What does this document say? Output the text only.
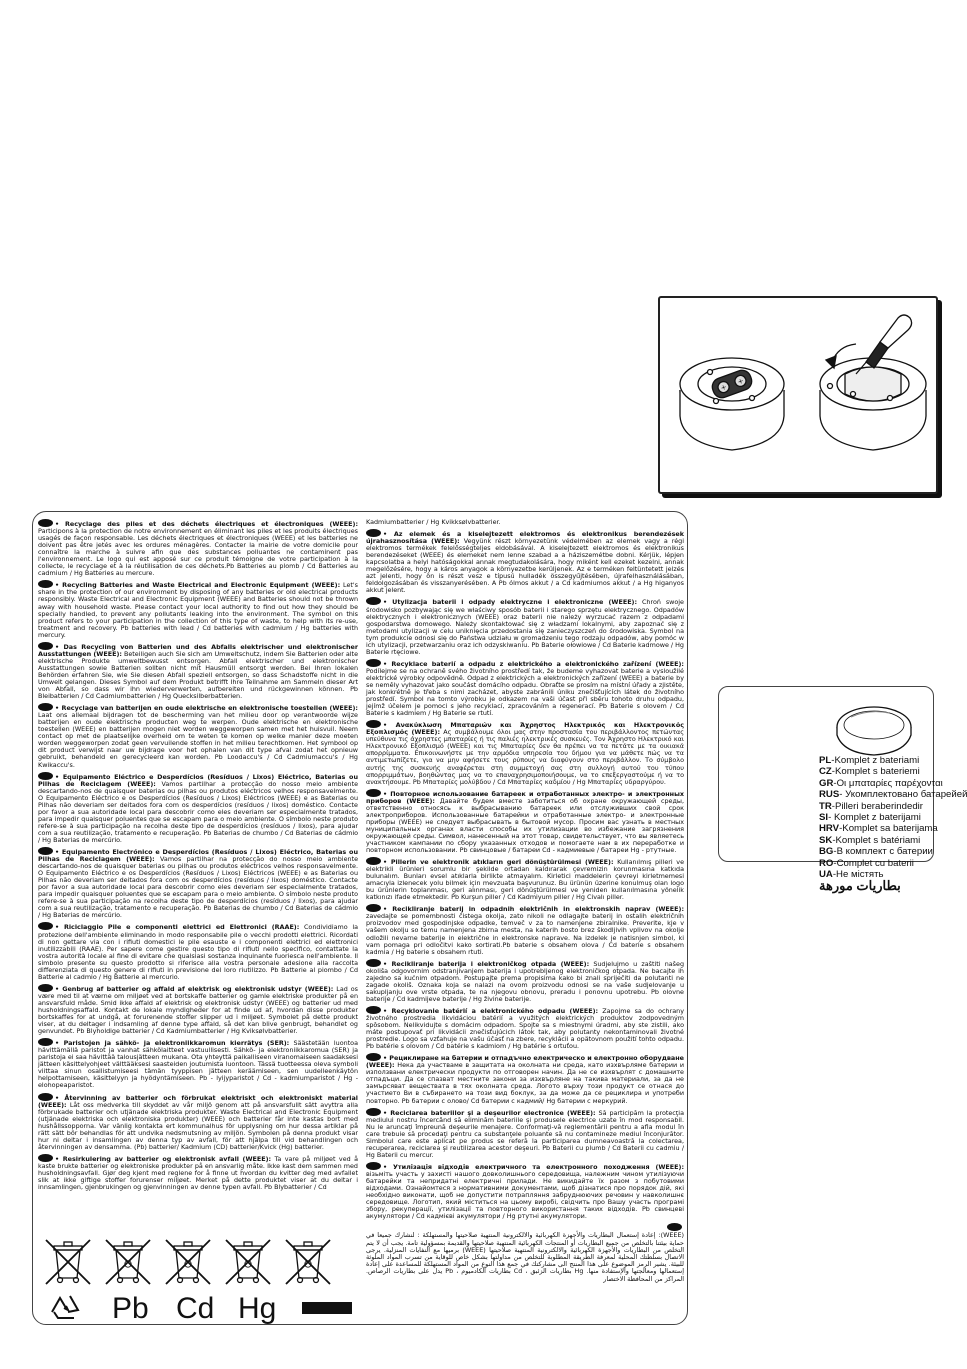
+
+

• Recyclage des piles et des déchets électriques et électroniques (WEEE): Participons à la protection de notre environnement en éliminant les piles et les produits électriques usagés de façon responsable. Les déchets électriques et électroniques (WEEE) et les batteries ne doivent pas être jetés avec les ordures ménagères. Contacter la mairie de votre domicile pour connaître la marche à suivre afin que des substances polluantes ne contaminent pas l'environnement. Le logo qui est apposé sur ce produit témoigne de votre participation à la collecte, le recyclage et à la réutilisation de ces déchets.Pb Batteries au plomb / Cd Batteries au cadmium / Hg Batteries au mercure.

• Recycling Batteries and Waste Electrical and Electronic Equipment (WEEE): Let's share in the protection of our environment by disposing of any batteries or old electrical products responsibly. Waste Electrical and Electronic Equipment (WEEE) and Batteries should not be thrown away with household waste. Please contact your local authority to find out how they should be specially handled, to prevent any pollutants leaking into the environment. The symbol on this product refers to your participation in the collection of this type of waste, to help with its re-use, treatment and recovery. Pb batteries with lead / Cd batteries with cadmium / Hg batteries with mercury.

• Das Recycling von Batterien und des Abfalls elektrischer und elektronischer Ausstattungen (WEEE): Beteiligen auch Sie sich am Umweltschutz, indem Sie Batterien oder alte elektrische Produkte umweltbewusst entsorgen. Abfall elektrischer und elektronischer Ausstattungen sowie Batterien sollten nicht mit Hausmüll entsorgt werden. Bei Ihren lokalen Behörden erfahren Sie, wie Sie diesen Abfall speziell entsorgen, so dass Schadstoffe nicht in die Umwelt gelangen. Dieses Symbol auf dem Produkt betrifft Ihre Teilnahme am Sammeln dieser Art von Abfall, so dass wir ihn wiederverwerten, aufbereiten und rückgewinnen können. Pb Bleibatterien / Cd Cadmiumbatterien / Hg Quecksilberbatterien.

• Recyclage van batterijen en oude elektrische en elektronische toestellen (WEEE): Laat ons allemaal bijdragen tot de bescherming van het milieu door op verantwoorde wijze batterijen en oude elektrische producten weg te werpen. Oude elektrische en elektronische toestellen (WEEE) en batterijen mogen niet worden weggeworpen samen met het huisvuil. Neem contact op met de plaatselijke overheid om te weten te komen op welke manier deze moeten worden weggeworpen zodat geen vervuilende stoffen in het milieu terechtkomen. Het symbool op dit product verwijst naar uw bijdrage voor het ophalen van dit type afval zodat het opnieuw gebruikt, behandeld en gerecycleerd kan worden. Pb Loodaccu's / Cd Cadmiumaccu's / Hg Kwikaccu's.

• Equipamento Eléctrico e Desperdícios (Resíduos / Lixos) Eléctrico, Baterias ou Pilhas de Reciclagem (WEEE): Vamos partilhar a protecção do nosso meio ambiente descartando-nos de quaisquer baterias ou pilhas ou produtos eléctricos velhos responsavelmente. O Equipamento Eléctrico e os Desperdícios (Resíduos / Lixos) Eléctricos (WEEE) e as Baterias ou Pilhas não deveriam ser deitados fora com os desperdícios (resíduos / lixos) doméstico. Contacte por favor a sua autoridade local para descobrir como eles deveriam ser especialmente tratados, para impedir quaisquer poluentes que se escapam para o meio ambiente. O símbolo neste produto refere-se à sua participação na recolha deste tipo de desperdícios (resíduos / lixos), para ajudar com a sua reutilização, tratamento e recuperação. Pb Baterias de chumbo / Cd Baterias de cádmio / Hg Baterias de mercúrio.

• Equipamento Electrónico e Desperdícios (Resíduos / Lixos) Eléctrico, Baterias ou Pilhas de Reciclagem (WEEE): Vamos partilhar na protecção do nosso meio ambiente descartando-nos de quaisquer baterias ou pilhas ou produtos eléctricos velhos responsavelmente. O Equipamento Eléctrico e os Desperdícios (Resíduos / Lixos) Eléctricos (WEEE) e as Baterias ou Pilhas não deveriam ser deitados fora com os desperdícios (resíduos / lixos) doméstico. Contacte por favor a sua autoridade local para descobrir como eles deveriam ser especialmente tratados, para impedir quaisquer poluentes que se escapam para o meio ambiente. O símbolo neste produto refere-se à sua participação na recolha deste tipo de desperdícios (resíduos / lixos), para ajudar com a sua reutilização, tratamento e recuperação. Pb Baterias de chumbo / Cd Baterias de cádmio / Hg Baterias de mercúrio.

• Riciclaggio Pile e componenti elettrici ed Elettronici (RAAE): Condividiamo la protezione dell'ambiente eliminando in modo responsabile pile o vecchi prodotti elettrici. Ricordati di non gettare via con i rifiuti domestici le pile esauste e i componenti elettrici ed elettronici inutilizzabili (RAAE). Per sapere come gestire questo tipo di rifiuti nello specifico, contattate la vostra autorità locale al fine di evitare che qualsiasi sostanza inquinante fuoriesca nell'ambiente. Il simbolo presente su questo prodotto si riferisce alla vostra personale adesione alla raccolta differenziata di questo genere di rifiuti in previsione del loro riutilizzo. Pb Batterie al piombo / Cd Batterie al cadmio / Hg Batterie al mercurio.

• Genbrug af batterier og affald af elektrisk og elektronisk udstyr (WEEE): Lad os være med til at værne om miljøet ved at bortskaffe batterier og gamle elektriske produkter på en ansvarsfuld måde. Smid ikke affald af elektrisk og elektronisk udstyr (WEEE) og batterier ud med husholdningsaffald. Kontakt de lokale myndigheder for at finde ud af, hvordan disse produkter bortskaffes for at undgå, at forurenende stoffer slipper ud i miljøet. Symbolet på dette produkt viser, at du deltager i indsamling af denne type affald, så det kan blive genbrugt, behandlet og genvundet. Pb Blyholdige batterier / Cd Kadmiumbatterier / Hg Kviksølvbatterier.

• Paristojen ja sähkö- ja elektroniikkaromun kierrätys (SER): Säästetään luontoa hävittämällä paristot ja vanhat sähkölaitteet vastuullisesti. Sähkö- ja elektroniikkaromua (SER) ja paristoja ei saa hävittää talousjätteen mukana. Ota yhteyttä paikalliseen viranomaiseen saadaksesi jätteen käsittelyohjeet välttääksesi saasteiden joutumista luontoon. Tässä tuotteessa oleva symboli viittaa sinun osallistumiseesi tämän tyyppisen jätteen keräämiseen, sen uudelleenkäytön helpottamiseen, käsittelyyn ja hyödyntämiseen. Pb - lyijyparistot / Cd - kadmiumparistot / Hg - elohopeaparistot.

• Återvinning av batterier och förbrukat elektriskt och elektroniskt material (WEEE): Låt oss medverka till skyddet av vår miljö genom att på ansvarsfullt sätt avyttra alla förbrukade batterier och utjänade elektriska produkter. Waste Electrical and Electronic Equipment (utjänade elektriska och elektroniska produkter) (WEEE) och batterier får inte kastas bort med hushållssopporna. Var vänlig kontakta ert kommunalhus för upplysning om hur dessa artiklar på rätt sätt bör behandlas för att undvika nedsmutsning av miljön. Symbolen på denna produkt visar hur ni deltar i insamlingen av denna typ av avfall, för att hjälpa till vid behandlingen och återvinningen av densamma. (Pb) batterier/ Kadmium (CD) batterier/Kvick (Hg) batterier.

• Resirkulering av batterier og elektronisk avfall (WEEE): Ta vare på miljøet ved å kaste brukte batterier og elektroniske produkter på en ansvarlig måte. Ikke kast dem sammen med husholdningsavfall. Gjør deg kjent med reglene for å finne ut hvordan du kvitter deg med avfallet slik at ikke giftige stoffer forurenser miljøet. Merket på dette produktet viser at du deltar i innsamlingen, gjenbrukingen og gjenvinningen av denne typen avfall. Pb Blybatterier / Cd

Kadmiumbatterier / Hg Kvikksølvbatterier.

• Az elemek és a kiselejtezett elektromos és elektronikus berendezések újrahasznosítása (WEEE): Vegyünk részt környezetünk védelmében az elemek vagy a régi elektromos termékek felelősségteljes eldobásával. A kiselejtezett elektromos és elektronikus berendezéseket (WEEE) és elemeket nem lenne szabad a a háziszemétbe dobni. Kérjük, lépjen kapcsolatba a helyi hatóságokkal annak megtudakolására, hogy miként kell ezeket kezelni, annak megelőzésére, hogy a káros anyagok a környezetbe kerüljenek. Az e terméken feltüntetett jelzés azt jelenti, hogy ön is részt vesz e típusú hulladék összegyűjtésében, újrafelhasználásában, feldolgozásában és visszanyerésében. A Pb ólmos akkut / a Cd kadmiumos akkut / a Hg higanyos akkut jelent.

• Utylizacja baterii i odpady elektryczne i elektroniczne (WEEE): Chroń swoje środowisko pozbywając się we właściwy sposób baterii i starego sprzętu elektrycznego. Odpadów elektrycznych i elektronicznych (WEEE) oraz baterii nie należy wyrzucać razem z odpadami gospodarstwa domowego. Należy skontaktować się z władzami lokalnymi, aby zapoznać się z metodami utylizacji w celu uniknięcia przedostania się zanieczyszczeń do środowiska. Symbol na tym produkcie odnosi się do Państwa udziału w gromadzeniu tego rodzaju odpadów, aby pomóc w ich utylizacji, przetwarzaniu oraz ich odzyskiwaniu. Pb Baterie ołowiowe / Cd Baterie kadmowe / Hg Baterie rtęciowe.

• Recyklace baterií a odpadu z elektrického a elektronického zařízení (WEEE): Podílejme se na ochraně svého životního prostředí tak, že budeme vyhazovat baterie a vysloužilé elektrické výrobky odpovědně. Odpad z elektrických a elektronických zařízení (WEEE) a baterie by se neměly vyhazovat jako součást domácího odpadu. Obraťte se prosím na místní úřady a zjistěte, jak konkrétně je třeba s nimi zacházet, abyste zabránili úniku znečišťujících látek do životního prostředí. Symbol na tomto výrobku je odkazem na vaši účast při sběru tohoto druhu odpadu, jejímž účelem je pomoci s jeho recyklací, zpracováním a regenerací. Pb Baterie s olovem / Cd Baterie s kadmiem / Hg Baterie se rtutí.

• Ανακύκλωση Μπαταριών και Άχρηστος Ηλεκτρικός και Ηλεκτρονικός Εξοπλισμός (WEEE): Ας συμβάλουμε όλοι μας στην προστασία του περιβάλλοντος πετώντας υπεύθυνα τις άχρηστες μπαταρίες ή τις παλιές ηλεκτρικές συσκευές. Τον Άχρηστο Ηλεκτρικό και Ηλεκτρονικό Εξοπλισμό (WEEE) και τις Μπαταρίες δεν θα πρέπει να τα πετάτε με τα οικιακά απορρίμματα. Επικοινωνήστε με την αρμόδια υπηρεσία του δήμου για να μάθετε πώς να τα αντιμετωπίζετε, για να μην αφήσετε τους ρύπους να διαφύγουν στο περιβάλλον. Το σύμβολο αυτής της συσκευής αναφέρεται στη συμμετοχή σας στη συλλογή αυτού του τύπου απορριμμάτων, βοηθώντας μας να το επαναχρησιμοποιήσουμε, να το επεξεργαστούμε ή να το ανακτήσουμε. Pb Μπαταρίες μολύβδου / Cd Μπαταρίες καδμίου / Hg Μπαταρίες υδραργύρου.

• Повторное использование батареек и отработанных электро- и электронных приборов (WEEE): Давайте будем вместе заботиться об охране окружающей среды, ответственно относясь к выбрасыванию батареек или отслуживших свой срок электроприборов. Использованные батарейки и отработанные электро- и электронные приборы (WEEE) не следует выбрасывать в бытовой мусор. Просим вас узнать в местных муниципальных органах власти способы их утилизации во избежание загрязнения окружающей среды. Символ, нанесенный на этот товар, свидетельствует, что вы являетесь участником кампании по сбору указанных отходов и помогаете нам в их переработке и повторном использовании. Pb свинцовые / батареи Cd - кадмиевые / батареи Hg - ртутные.

• Pillerin ve elektronik atıkların geri dönüştürülmesi (WEEE): Kullanılmış pilleri ve elektrikli ürünleri sorumlu bir şekilde ortadan kaldırarak çevremizin korunmasına katkıda bulunalım. Bunları evsel atıklarla birlikte atmayalım. Kirletici maddelerin çevreyi kirletmemesi amacıyla izlenecek yolu bilmek için mevzuata başvurunuz. Bu ürünün üzerine konulmuş olan logo bu ürünlerin toplanması, geri alınması, geri dönüştürülmesi ve yeniden kullanılmasına yönelik katkınızı ifade etmektedir. Pb Kurşun piller / Cd Kadmiyum piller / Hg Civalı piller.

• Recikliranje baterij in odpadnih električnih in elektronskih naprav (WEEE): zavedajte se pomembnosti čistega okolja, zato nikoli ne odlagajte baterij in ostalih električnih proizvodov med gospodinjske odpadke, temveč v za to namenjene zbiralnike. Preverite, kje v vašem okolju so temu namenjena zbirna mesta, na katerih bosto brez škodljivih vplivov na okolje odložili nevarne baterije in električne in elektronske naprave. Na izdelek je natisnjen simbol, ki vam pomaga pri odločitvi kako sortirati.Pb baterie s obsahem olova / Cd baterie s obsahem kadmia / Hg baterie s obsahem rtuti.

• Recikliranje baterija i elektroničkog otpada (WEEE): Sudjelujmo u zaštiti našeg okoliša odgovornim odstranjivanjem baterija i upotrebljenog elektroničkog otpada. Ne bacajte ih zajedno sa kućnim otpadom. Postupajte prema propisima kako bi znali spriječiti da polutanti ne zagade okoliš. Oznaka koja se nalazi na ovom proizvodu odnosi se na vaše sudjelovanje u sakupljanju ove vrste otpada, te na njegovu obnovu, preradu i ponovnu upotrebu. Pb olovne baterije / Cd kadmijeve baterije / Hg živine baterije.

• Recyklovanie batérií a elektronického odpadu (WEEE): Zapojme sa do ochrany životného prostredia likvidáciou batérií a využitých elektrických produktov zodpovedným spôsobom. Nelikvidujte s domácim odpadom. Spojte sa s miestnymi úradmi, aby ste zistili, ako máte postupovať pri likvidácii znečisťujúcich látok tak, aby polutanty nekontaminovali životné prostredie. Logo sa vzťahuje na vašu účasť na zbere, recyklácii a opätovnom použití tohto odpadu. Pb batérie s olovom / Cd batérie s kadmiom / Hg batérie s ortuťou.

• Рециклиране на батерии и отпадъчно електрическо и електронно оборудване (WEEE): Нека да участваме в защитата на околната ни среда, като изхвърляме батерии и използвани електрически продукти по отговорен начин. Да не се изхвърлят с домашните отпадъци. Да се спазват местните закони за изхвърляне на такива материали, за да не замърсяват веществата в тях околната среда. Логото върху този продукт се отнася до участието Ви в събирането на този вид боклук, за да може да се рециклира и употреби повторно. Pb батерии с олово/ Cd батерии с кадмий/ Hg батерии с меркурий.

• Reciclarea bateriilor şi a deşeurilor electronice (WEEE): Să participăm la protecţia mediului nostru încercând să eliminăm bateriile şi produsele electrice uzate în mod responsabil. Nu le aruncaţi împreună deşeurile menajere. Conformaţi-vă reglementării pentru a afla modul în care trebuie să procedaţi pentru ca substanţele poluante să nu contamineze mediul înconjurător. Simbolul care este aplicat pe produs se referă la participarea dumneavoastră la colectarea, recuperarea, reciclarea şi reutilizarea acestor deşeuri. Pb Baterii cu plumb / Cd Baterii cu cadmiu / Hg Baterii cu mercur.

• Утилізація відходів електричного та електронного походження (WEEE): візьміть участь у захисті нашого довколишнього середовища, належним чином утилізуючи батарейки та непридатні електричні прилади. Не викидайте їх разом з побутовими відходами. Ознайомтеся з нормативними документами, щоб дізнатися про порядок дій, які необхідно виконати, щоб не допустити потрапляння забруднюючих речовин у навколишнє середовище. Логотип, який міститься на цьому виробі, свідчить про Вашу участь програмі збору, рекуперації, утилізації та повторного використання таких відходів. Pb свинцеві акумулятори / Cd кадмієві акумулятори / Hg ртутні акумулятори.

(WEEE): إعادة إستعمال البطاريات والأجهزة الكهربائية والالكترونية المنتهية صلاحيتها والمستهلكة : لنشارك جميعا في حماية بيئتنا بالتخلص من جميع البطاريات أو المنتجات الكهربائية المنتهية صلاحيتها والقديمة بمسؤولية تامة. يجب أن لا يتم التخلص من البطاريات والأجهزة الكهربائية والالكترونية المنتهية صلاحيتها (WEEE) برميها مع النفايات المنزلية. يرجى الاتصال بسلطتك المحلية لمعرفة الطريقة المطلوبة للتخلص من مداولتها بشكل خاص للوقاية من تسرب المواد الملوثة للبيئة. يشير الرمز الموضوع على هذا المنتج الى مشاركتك في جمع هذا النوع من المواد المستهلكة للمساعدة على إعادة إستعمالها ومعالجتها والإستفادة منها. Hg بطاريات الزئبق ، Cd بطاريات الكادميوم ، Pb يدل على بطاريات الرصاص. المراكز من المحافظة الاختصار

Pb Cd Hg
PL-Komplet z bateriami
CZ-Komplet s bateriemi
GR-Οι μπαταρίες παρέχονται
RUS- Укомплектовано батарейей
TR-Pilleri beraberindedir
SI- Komplet z baterijami
HRV-Komplet sa baterijama
SK-Komplet s batériami
BG-В комплект с батерии
RO-Complet cu baterii
UA-Не містять
بطاريات مورهة
